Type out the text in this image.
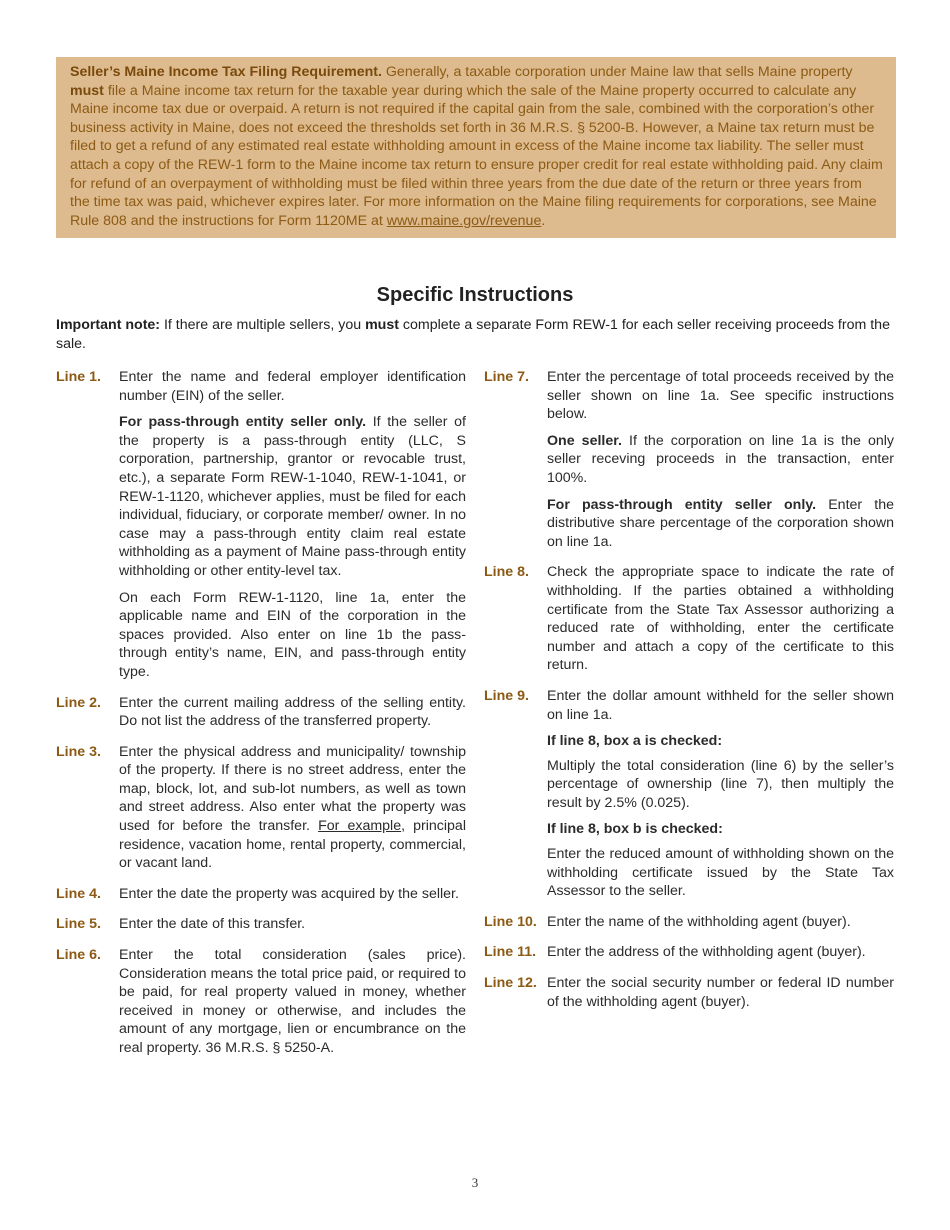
Seller’s Maine Income Tax Filing Requirement. Generally, a taxable corporation under Maine law that sells Maine property must file a Maine income tax return for the taxable year during which the sale of the Maine property occurred to calculate any Maine income tax due or overpaid. A return is not required if the capital gain from the sale, combined with the corporation’s other business activity in Maine, does not exceed the thresholds set forth in 36 M.R.S. § 5200-B. However, a Maine tax return must be filed to get a refund of any estimated real estate withholding amount in excess of the Maine income tax liability. The seller must attach a copy of the REW-1 form to the Maine income tax return to ensure proper credit for real estate withholding paid. Any claim for refund of an overpayment of withholding must be filed within three years from the due date of the return or three years from the time tax was paid, whichever expires later. For more information on the Maine filing requirements for corporations, see Maine Rule 808 and the instructions for Form 1120ME at www.maine.gov/revenue.
Specific Instructions
Important note: If there are multiple sellers, you must complete a separate Form REW-1 for each seller receiving proceeds from the sale.
Line 1.	Enter the name and federal employer identification number (EIN) of the seller.

For pass-through entity seller only. If the seller of the property is a pass-through entity (LLC, S corporation, partnership, grantor or revocable trust, etc.), a separate Form REW-1-1040, REW-1-1041, or REW-1-1120, whichever applies, must be filed for each individual, fiduciary, or corporate member/ owner. In no case may a pass-through entity claim real estate withholding as a payment of Maine pass-through entity withholding or other entity-level tax.

On each Form REW-1-1120, line 1a, enter the applicable name and EIN of the corporation in the spaces provided. Also enter on line 1b the pass-through entity’s name, EIN, and pass-through entity type.

Line 2.	Enter the current mailing address of the selling entity. Do not list the address of the transferred property.

Line 3.	Enter the physical address and municipality/ township of the property. If there is no street address, enter the map, block, lot, and sub-lot numbers, as well as town and street address. Also enter what the property was used for before the transfer. For example, principal residence, vacation home, rental property, commercial, or vacant land.

Line 4.	Enter the date the property was acquired by the seller.

Line 5.	Enter the date of this transfer.

Line 6.	Enter the total consideration (sales price). Consideration means the total price paid, or required to be paid, for real property valued in money, whether received in money or otherwise, and includes the amount of any mortgage, lien or encumbrance on the real property. 36 M.R.S. § 5250-A.

Line 7.	Enter the percentage of total proceeds received by the seller shown on line 1a. See specific instructions below.

One seller. If the corporation on line 1a is the only seller receving proceeds in the transaction, enter 100%.

For pass-through entity seller only. Enter the distributive share percentage of the corporation shown on line 1a.

Line 8.	Check the appropriate space to indicate the rate of withholding. If the parties obtained a withholding certificate from the State Tax Assessor authorizing a reduced rate of withholding, enter the certificate number and attach a copy of the certificate to this return.

Line 9.	Enter the dollar amount withheld for the seller shown on line 1a.

If line 8, box a is checked:

Multiply the total consideration (line 6) by the seller’s percentage of ownership (line 7), then multiply the result by 2.5% (0.025).

If line 8, box b is checked:

Enter the reduced amount of withholding shown on the withholding certificate issued by the State Tax Assessor to the seller.

Line 10. Enter the name of the withholding agent (buyer).

Line 11. Enter the address of the withholding agent (buyer).

Line 12. Enter the social security number or federal ID number of the withholding agent (buyer).

3
